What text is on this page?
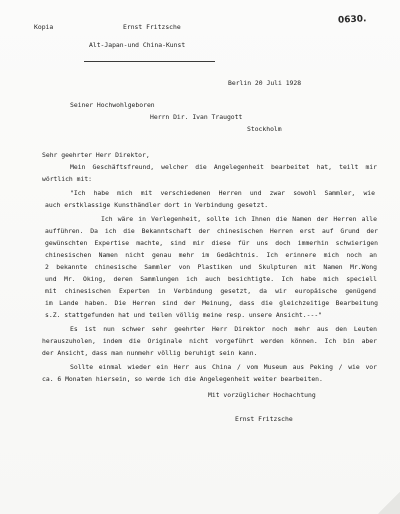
Kopia	Ernst Fritzsche
0630.
Alt-Japan-und China-Kunst
Berlin 20 Juli 1928
Seiner Hochwohlgeboren
Herrn Dir. Ivan Traugott
Stockholm
Sehr geehrter Herr Direktor,
Mein Geschäftsfreund, welcher die Angelegenheit bearbeitet hat, teilt mir
wörtlich mit:
"Ich habe mich mit verschiedenen Herren und zwar sowohl Sammler, wie
auch erstklassige Kunsthändler dort in Verbindung gesetzt.
Ich wäre in Verlegenheit, sollte ich Ihnen die Namen der Herren alle
aufführen. Da ich die Bekanntschaft der chinesischen Herren erst auf Grund der
gewünschten Expertise machte, sind mir diese für uns doch immerhin schwierigen
chinesischen Namen nicht genau mehr im Gedächtnis. Ich erinnere mich noch an
2 bekannte chinesische Sammler von Plastiken und Skulpturen mit Namen Mr.Wong
und Mr. Oking, deren Sammlungen ich auch besichtigte. Ich habe mich speciell
mit chinesischen Experten in Verbindung gesetzt, da wir europäische genügend
im Lande haben. Die Herren sind der Meinung, dass die gleichzeitige Bearbeitung
s.Z. stattgefunden hat und teilen völlig meine resp. unsere Ansicht.---"
Es ist nun schwer sehr geehrter Herr Direktor noch mehr aus den Leuten
herauszuholen, indem die Originale nicht vorgeführt werden können. Ich bin aber
der Ansicht, dass man nunmehr völlig beruhigt sein kann.
Sollte einmal wieder ein Herr aus China / vom Museum aus Peking / wie vor
ca. 6 Monaten hiersein, so werde ich die Angelegenheit weiter bearbeiten.
Mit vorzüglicher Hochachtung
Ernst Fritzsche
